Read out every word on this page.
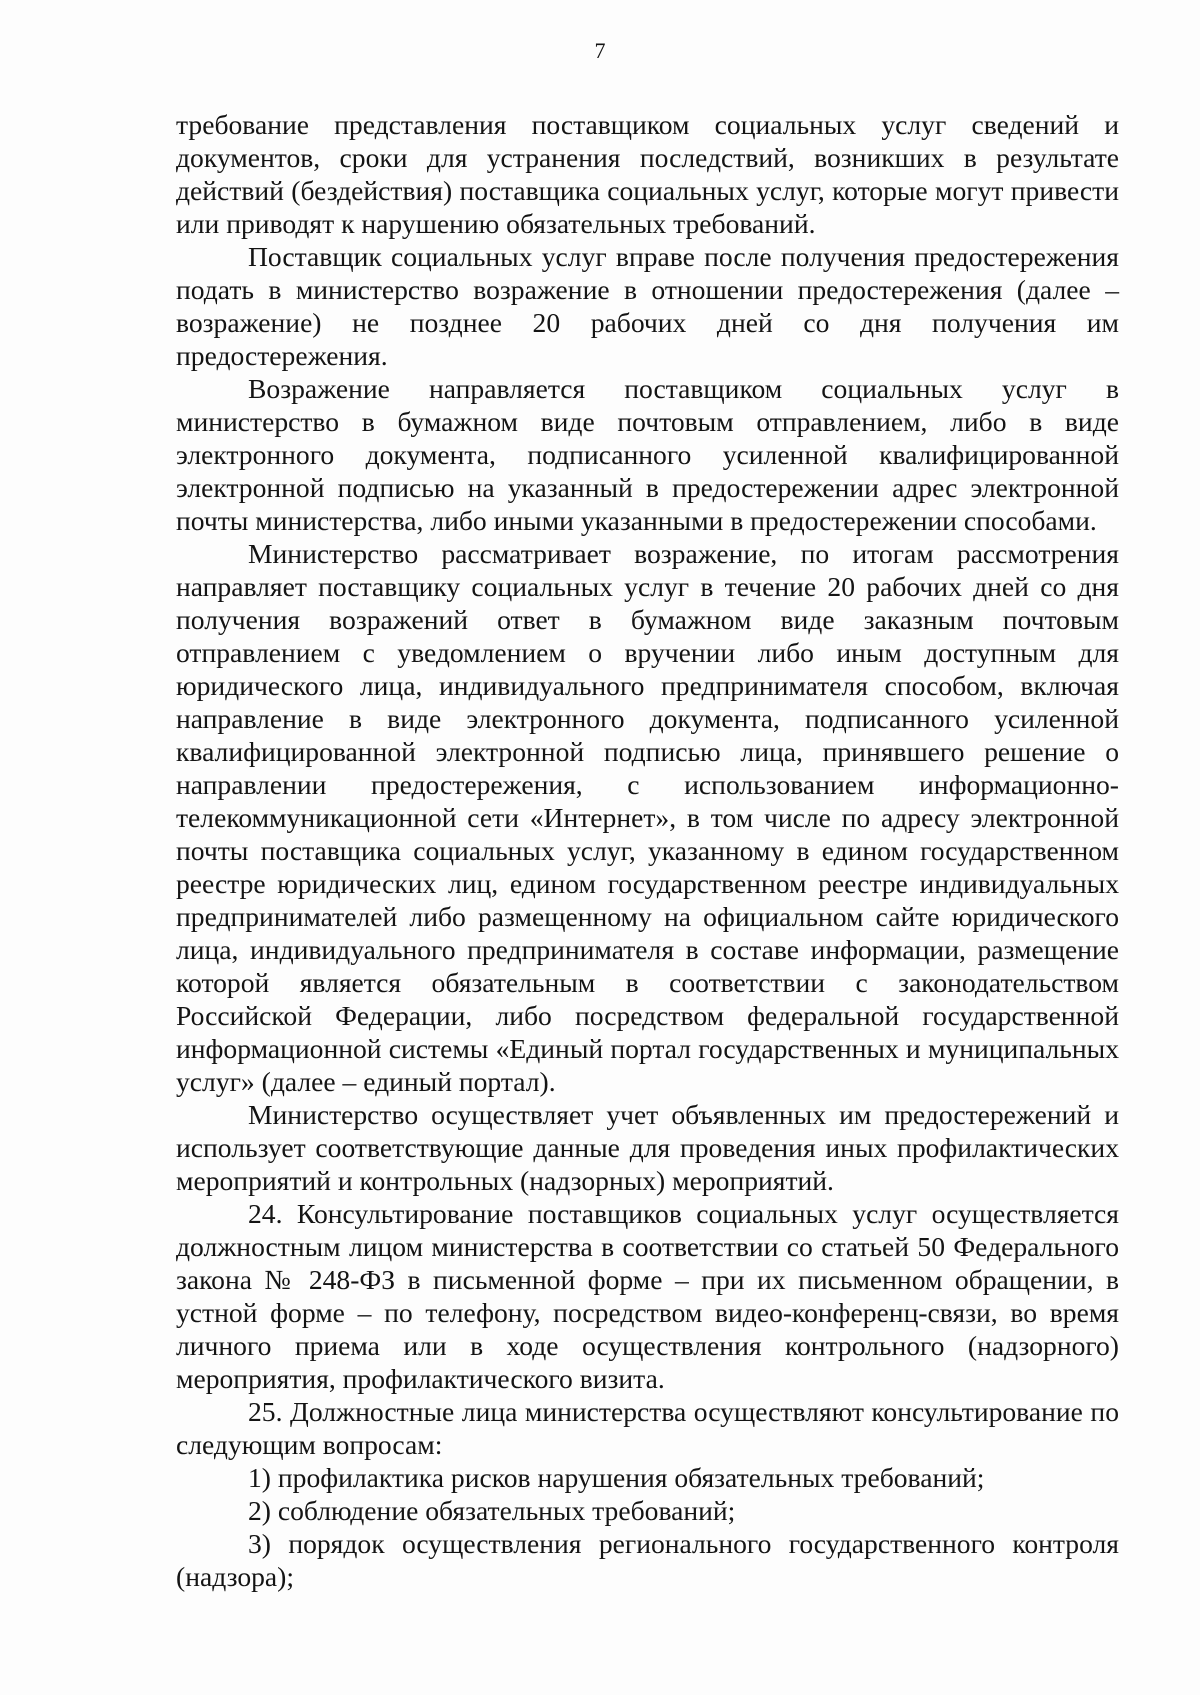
7

требование представления поставщиком социальных услуг сведений и документов, сроки для устранения последствий, возникших в результате действий (бездействия) поставщика социальных услуг, которые могут привести или приводят к нарушению обязательных требований.

Поставщик социальных услуг вправе после получения предостережения подать в министерство возражение в отношении предостережения (далее – возражение) не позднее 20 рабочих дней со дня получения им предостережения.

Возражение направляется поставщиком социальных услуг в министерство в бумажном виде почтовым отправлением, либо в виде электронного документа, подписанного усиленной квалифицированной электронной подписью на указанный в предостережении адрес электронной почты министерства, либо иными указанными в предостережении способами.

Министерство рассматривает возражение, по итогам рассмотрения направляет поставщику социальных услуг в течение 20 рабочих дней со дня получения возражений ответ в бумажном виде заказным почтовым отправлением с уведомлением о вручении либо иным доступным для юридического лица, индивидуального предпринимателя способом, включая направление в виде электронного документа, подписанного усиленной квалифицированной электронной подписью лица, принявшего решение о направлении предостережения, с использованием информационно-телекоммуникационной сети «Интернет», в том числе по адресу электронной почты поставщика социальных услуг, указанному в едином государственном реестре юридических лиц, едином государственном реестре индивидуальных предпринимателей либо размещенному на официальном сайте юридического лица, индивидуального предпринимателя в составе информации, размещение которой является обязательным в соответствии с законодательством Российской Федерации, либо посредством федеральной государственной информационной системы «Единый портал государственных и муниципальных услуг» (далее – единый портал).

Министерство осуществляет учет объявленных им предостережений и использует соответствующие данные для проведения иных профилактических мероприятий и контрольных (надзорных) мероприятий.

24. Консультирование поставщиков социальных услуг осуществляется должностным лицом министерства в соответствии со статьей 50 Федерального закона № 248-ФЗ в письменной форме – при их письменном обращении, в устной форме – по телефону, посредством видео-конференц-связи, во время личного приема или в ходе осуществления контрольного (надзорного) мероприятия, профилактического визита.

25. Должностные лица министерства осуществляют консультирование по следующим вопросам:

1) профилактика рисков нарушения обязательных требований;

2) соблюдение обязательных требований;

3) порядок осуществления регионального государственного контроля (надзора);
